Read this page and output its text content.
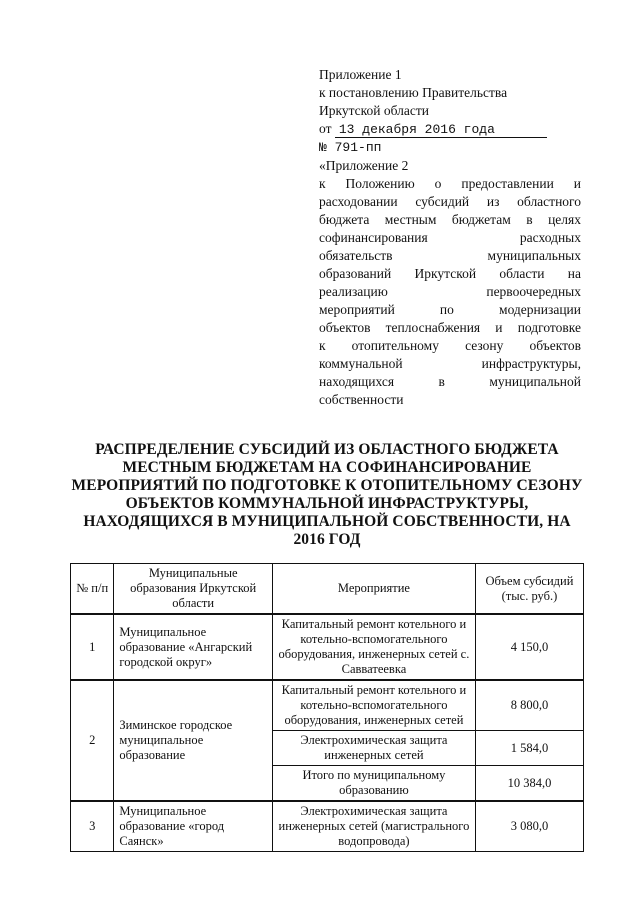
Приложение 1
к постановлению Правительства
Иркутской области
от 13 декабря 2016 года
№ 791-пп
«Приложение 2
к Положению о предоставлении и
расходовании субсидий из областного
бюджета местным бюджетам в целях
софинансирования расходных
обязательств муниципальных
образований Иркутской области на
реализацию первоочередных
мероприятий по модернизации
объектов теплоснабжения и подготовке
к отопительному сезону объектов
коммунальной инфраструктуры,
находящихся в муниципальной
собственности
РАСПРЕДЕЛЕНИЕ СУБСИДИЙ ИЗ ОБЛАСТНОГО БЮДЖЕТА МЕСТНЫМ БЮДЖЕТАМ НА СОФИНАНСИРОВАНИЕ МЕРОПРИЯТИЙ ПО ПОДГОТОВКЕ К ОТОПИТЕЛЬНОМУ СЕЗОНУ ОБЪЕКТОВ КОММУНАЛЬНОЙ ИНФРАСТРУКТУРЫ, НАХОДЯЩИХСЯ В МУНИЦИПАЛЬНОЙ СОБСТВЕННОСТИ, НА 2016 ГОД
№ п/п	Муниципальные образования Иркутской области	Мероприятие	Объем субсидий (тыс. руб.)
1	Муниципальное образование «Ангарский городской округ»	Капитальный ремонт котельного и котельно-вспомогательного оборудования, инженерных сетей с. Савватеевка	4 150,0
2	Зиминское городское муниципальное образование	Капитальный ремонт котельного и котельно-вспомогательного оборудования, инженерных сетей	8 800,0
		Электрохимическая защита инженерных сетей	1 584,0
		Итого по муниципальному образованию	10 384,0
3	Муниципальное образование «город Саянск»	Электрохимическая защита инженерных сетей (магистрального водопровода)	3 080,0
